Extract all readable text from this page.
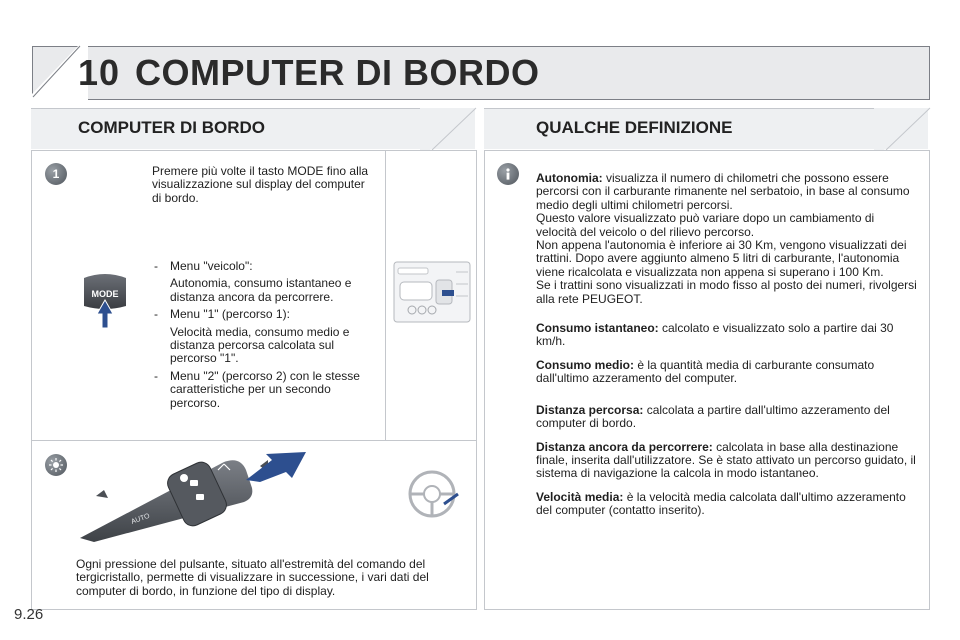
10 COMPUTER DI BORDO
COMPUTER DI BORDO	QUALCHE DEFINIZIONE
1	Premere più volte il tasto MODE fino alla visualizzazione sul display del computer di bordo.
MODE
- Menu "veicolo":
Autonomia, consumo istantaneo e distanza ancora da percorrere.
- Menu "1" (percorso 1):
Velocità media, consumo medio e distanza percorsa calcolata sul percorso "1".
- Menu "2" (percorso 2) con le stesse caratteristiche per un secondo percorso.
AUTO
Ogni pressione del pulsante, situato all'estremità del comando del tergicristallo, permette di visualizzare in successione, i vari dati del computer di bordo, in funzione del tipo di display.

Autonomia: visualizza il numero di chilometri che possono essere percorsi con il carburante rimanente nel serbatoio, in base al consumo medio degli ultimi chilometri percorsi.
Questo valore visualizzato può variare dopo un cambiamento di velocità del veicolo o del rilievo percorso.
Non appena l'autonomia è inferiore ai 30 Km, vengono visualizzati dei trattini. Dopo avere aggiunto almeno 5 litri di carburante, l'autonomia viene ricalcolata e visualizzata non appena si superano i 100 Km.
Se i trattini sono visualizzati in modo fisso al posto dei numeri, rivolgersi alla rete PEUGEOT.

Consumo istantaneo: calcolato e visualizzato solo a partire dai 30 km/h.

Consumo medio: è la quantità media di carburante consumato dall'ultimo azzeramento del computer.

Distanza percorsa: calcolata a partire dall'ultimo azzeramento del computer di bordo.

Distanza ancora da percorrere: calcolata in base alla destinazione finale, inserita dall'utilizzatore. Se è stato attivato un percorso guidato, il sistema di navigazione la calcola in modo istantaneo.

Velocità media: è la velocità media calcolata dall'ultimo azzeramento del computer (contatto inserito).

9.26
